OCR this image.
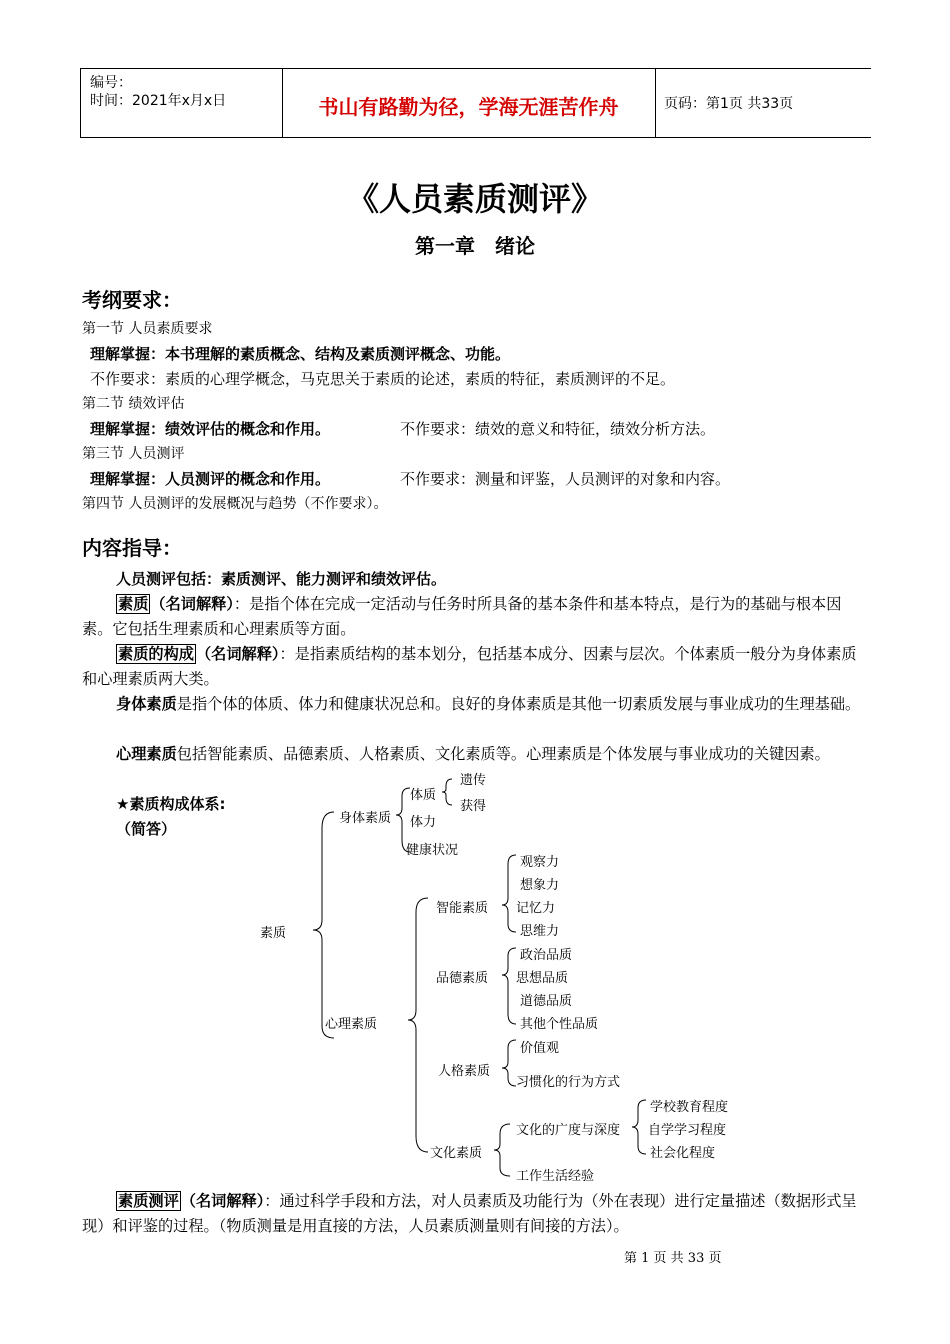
编号：
时间：2021年x月x日	书山有路勤为径，学海无涯苦作舟	页码：第1页 共33页
《人员素质测评》
第一章　绪论
考纲要求：
第一节 人员素质要求
理解掌握：本书理解的素质概念、结构及素质测评概念、功能。
不作要求：素质的心理学概念，马克思关于素质的论述，素质的特征，素质测评的不足。
第二节 绩效评估
理解掌握：绩效评估的概念和作用。	不作要求：绩效的意义和特征，绩效分析方法。
第三节 人员测评
理解掌握：人员测评的概念和作用。	不作要求：测量和评鉴，人员测评的对象和内容。
第四节 人员测评的发展概况与趋势（不作要求）。
内容指导：
人员测评包括：素质测评、能力测评和绩效评估。
素质 （名词解释）：是指个体在完成一定活动与任务时所具备的基本条件和基本特点，是行为的基础与根本因素。它包括生理素质和心理素质等方面。
素质的构成 （名词解释）：是指素质结构的基本划分，包括基本成分、因素与层次。个体素质一般分为身体素质和心理素质两大类。
身体素质是指个体的体质、体力和健康状况总和。良好的身体素质是其他一切素质发展与事业成功的生理基础。
心理素质包括智能素质、品德素质、人格素质、文化素质等。心理素质是个体发展与事业成功的关键因素。
★素质构成体系:
（简答）
素质
身体素质
体质
体力
健康状况
遗传
获得
心理素质
智能素质
观察力
想象力
记忆力
思维力
品德素质
政治品质
思想品质
道德品质
其他个性品质
人格素质
价值观
习惯化的行为方式
文化素质
文化的广度与深度
工作生活经验
学校教育程度
自学学习程度
社会化程度
素质测评 （名词解释）：通过科学手段和方法，对人员素质及功能行为（外在表现）进行定量描述（数据形式呈现）和评鉴的过程。（物质测量是用直接的方法，人员素质测量则有间接的方法）。
第 1 页 共 33 页
